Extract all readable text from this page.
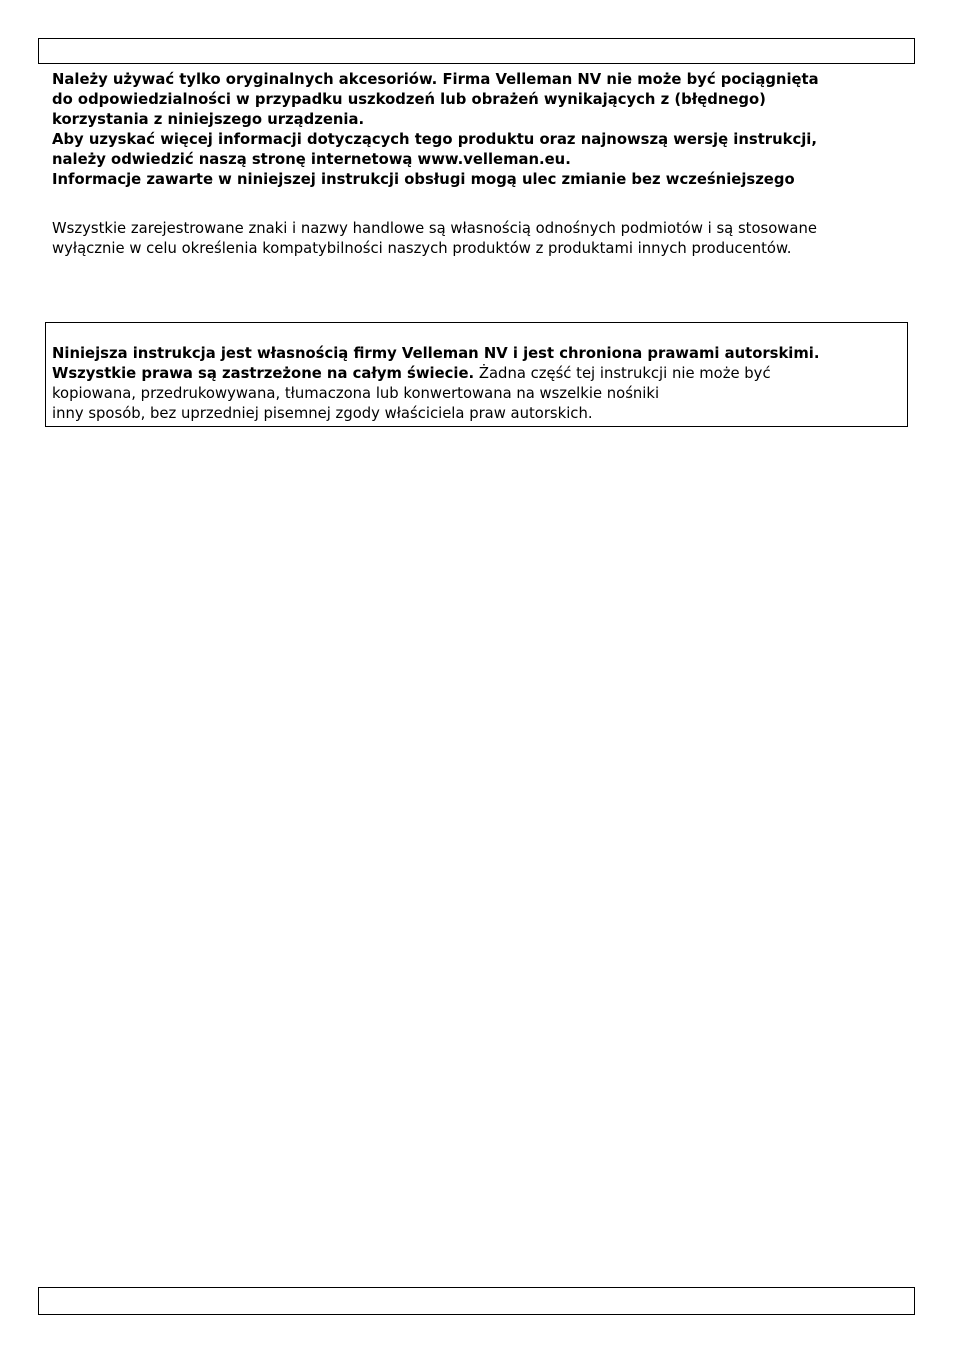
Należy używać tylko oryginalnych akcesoriów. Firma Velleman NV nie może być pociągnięta
do odpowiedzialności w przypadku uszkodzeń lub obrażeń wynikających z (błędnego)
korzystania z niniejszego urządzenia.
Aby uzyskać więcej informacji dotyczących tego produktu oraz najnowszą wersję instrukcji,
należy odwiedzić naszą stronę internetową www.velleman.eu.
Informacje zawarte w niniejszej instrukcji obsługi mogą ulec zmianie bez wcześniejszego
Wszystkie zarejestrowane znaki i nazwy handlowe są własnością odnośnych podmiotów i są stosowane
wyłącznie w celu określenia kompatybilności naszych produktów z produktami innych producentów.
Niniejsza instrukcja jest własnością firmy Velleman NV i jest chroniona prawami autorskimi.
Wszystkie prawa są zastrzeżone na całym świecie. Żadna część tej instrukcji nie może być
kopiowana, przedrukowywana, tłumaczona lub konwertowana na wszelkie nośniki
inny sposób, bez uprzedniej pisemnej zgody właściciela praw autorskich.
